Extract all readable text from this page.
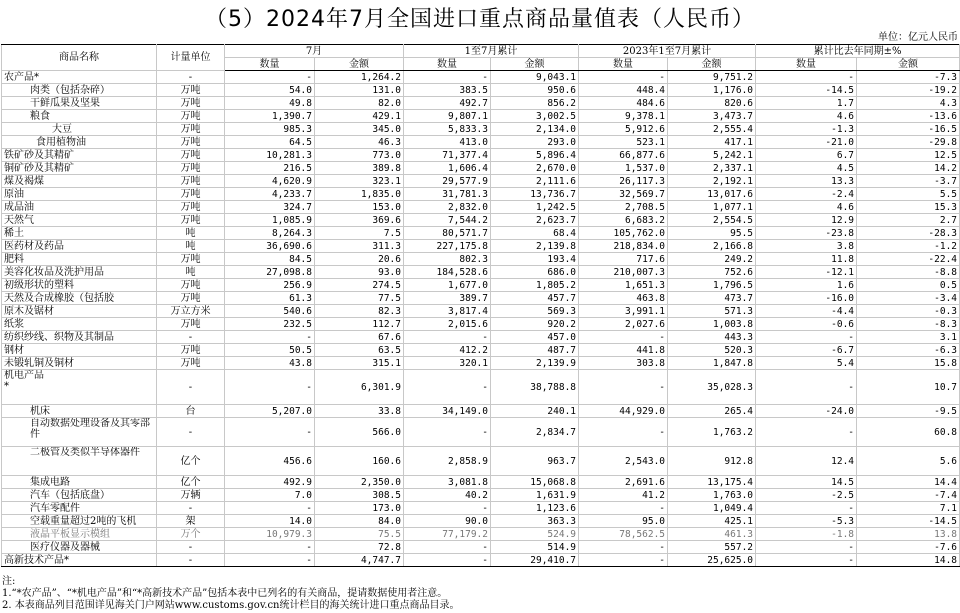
（5）2024年7月全国进口重点商品量值表（人民币）
单位：亿元人民币
商品名称	计量单位	7月		1至7月累计		2023年1至7月累计		累计比去年同期±%	
		数量	金额	数量	金额	数量	金额	数量	金额
农产品*	-	-	1,264.2	-	9,043.1	-	9,751.2	-	-7.3
肉类（包括杂碎）	万吨	54.0	131.0	383.5	950.6	448.4	1,176.0	-14.5	-19.2
干鲜瓜果及坚果	万吨	49.8	82.0	492.7	856.2	484.6	820.6	1.7	4.3
粮食	万吨	1,390.7	429.1	9,807.1	3,002.5	9,378.1	3,473.7	4.6	-13.6
大豆	万吨	985.3	345.0	5,833.3	2,134.0	5,912.6	2,555.4	-1.3	-16.5
食用植物油	万吨	64.5	46.3	413.0	293.0	523.1	417.1	-21.0	-29.8
铁矿砂及其精矿	万吨	10,281.3	773.0	71,377.4	5,896.4	66,877.6	5,242.1	6.7	12.5
铜矿砂及其精矿	万吨	216.5	389.8	1,606.4	2,670.0	1,537.0	2,337.1	4.5	14.2
煤及褐煤	万吨	4,620.9	323.1	29,577.9	2,111.6	26,117.3	2,192.1	13.3	-3.7
原油	万吨	4,233.7	1,835.0	31,781.3	13,736.7	32,569.7	13,017.6	-2.4	5.5
成品油	万吨	324.7	153.0	2,832.0	1,242.5	2,708.5	1,077.1	4.6	15.3
天然气	万吨	1,085.9	369.6	7,544.2	2,623.7	6,683.2	2,554.5	12.9	2.7
稀土	吨	8,264.3	7.5	80,571.7	68.4	105,762.0	95.5	-23.8	-28.3
医药材及药品	吨	36,690.6	311.3	227,175.8	2,139.8	218,834.0	2,166.8	3.8	-1.2
肥料	万吨	84.5	20.6	802.3	193.4	717.6	249.2	11.8	-22.4
美容化妆品及洗护用品	吨	27,098.8	93.0	184,528.6	686.0	210,007.3	752.6	-12.1	-8.8
初级形状的塑料	万吨	256.9	274.5	1,677.0	1,805.2	1,651.3	1,796.5	1.6	0.5
天然及合成橡胶（包括胶	万吨	61.3	77.5	389.7	457.7	463.8	473.7	-16.0	-3.4
原木及锯材	万立方米	540.6	82.3	3,817.4	569.3	3,991.1	571.3	-4.4	-0.3
纸浆	万吨	232.5	112.7	2,015.6	920.2	2,027.6	1,003.8	-0.6	-8.3
纺织纱线、织物及其制品	-	-	67.6	-	457.0	-	443.3	-	3.1
钢材	万吨	50.5	63.5	412.2	487.7	441.8	520.3	-6.7	-6.3
未锻轧铜及铜材	万吨	43.8	315.1	320.1	2,139.9	303.8	1,847.8	5.4	15.8
机电产品
*	-	-	6,301.9	-	38,788.8	-	35,028.3	-	10.7
机床	台	5,207.0	33.8	34,149.0	240.1	44,929.0	265.4	-24.0	-9.5
自动数据处理设备及其零部件	-	-	566.0	-	2,834.7	-	1,763.2	-	60.8
二极管及类似半导体器件	亿个	456.6	160.6	2,858.9	963.7	2,543.0	912.8	12.4	5.6
集成电路	亿个	492.9	2,350.0	3,081.8	15,068.8	2,691.6	13,175.4	14.5	14.4
汽车（包括底盘）	万辆	7.0	308.5	40.2	1,631.9	41.2	1,763.0	-2.5	-7.4
汽车零配件	-	-	173.0	-	1,123.6	-	1,049.4	-	7.1
空载重量超过2吨的飞机	架	14.0	84.0	90.0	363.3	95.0	425.1	-5.3	-14.5
液晶平板显示模组	万个	10,979.3	75.5	77,179.2	524.9	78,562.5	461.3	-1.8	13.8
医疗仪器及器械	-	-	72.8	-	514.9	-	557.2	-	-7.6
高新技术产品*	-	-	4,747.7	-	29,410.7	-	25,625.0	-	14.8
注:
1.“*农产品”、“*机电产品”和“*高新技术产品”包括本表中已列名的有关商品，提请数据使用者注意。
2. 本表商品列目范围详见海关门户网站www.customs.gov.cn统计栏目的海关统计进口重点商品目录。
